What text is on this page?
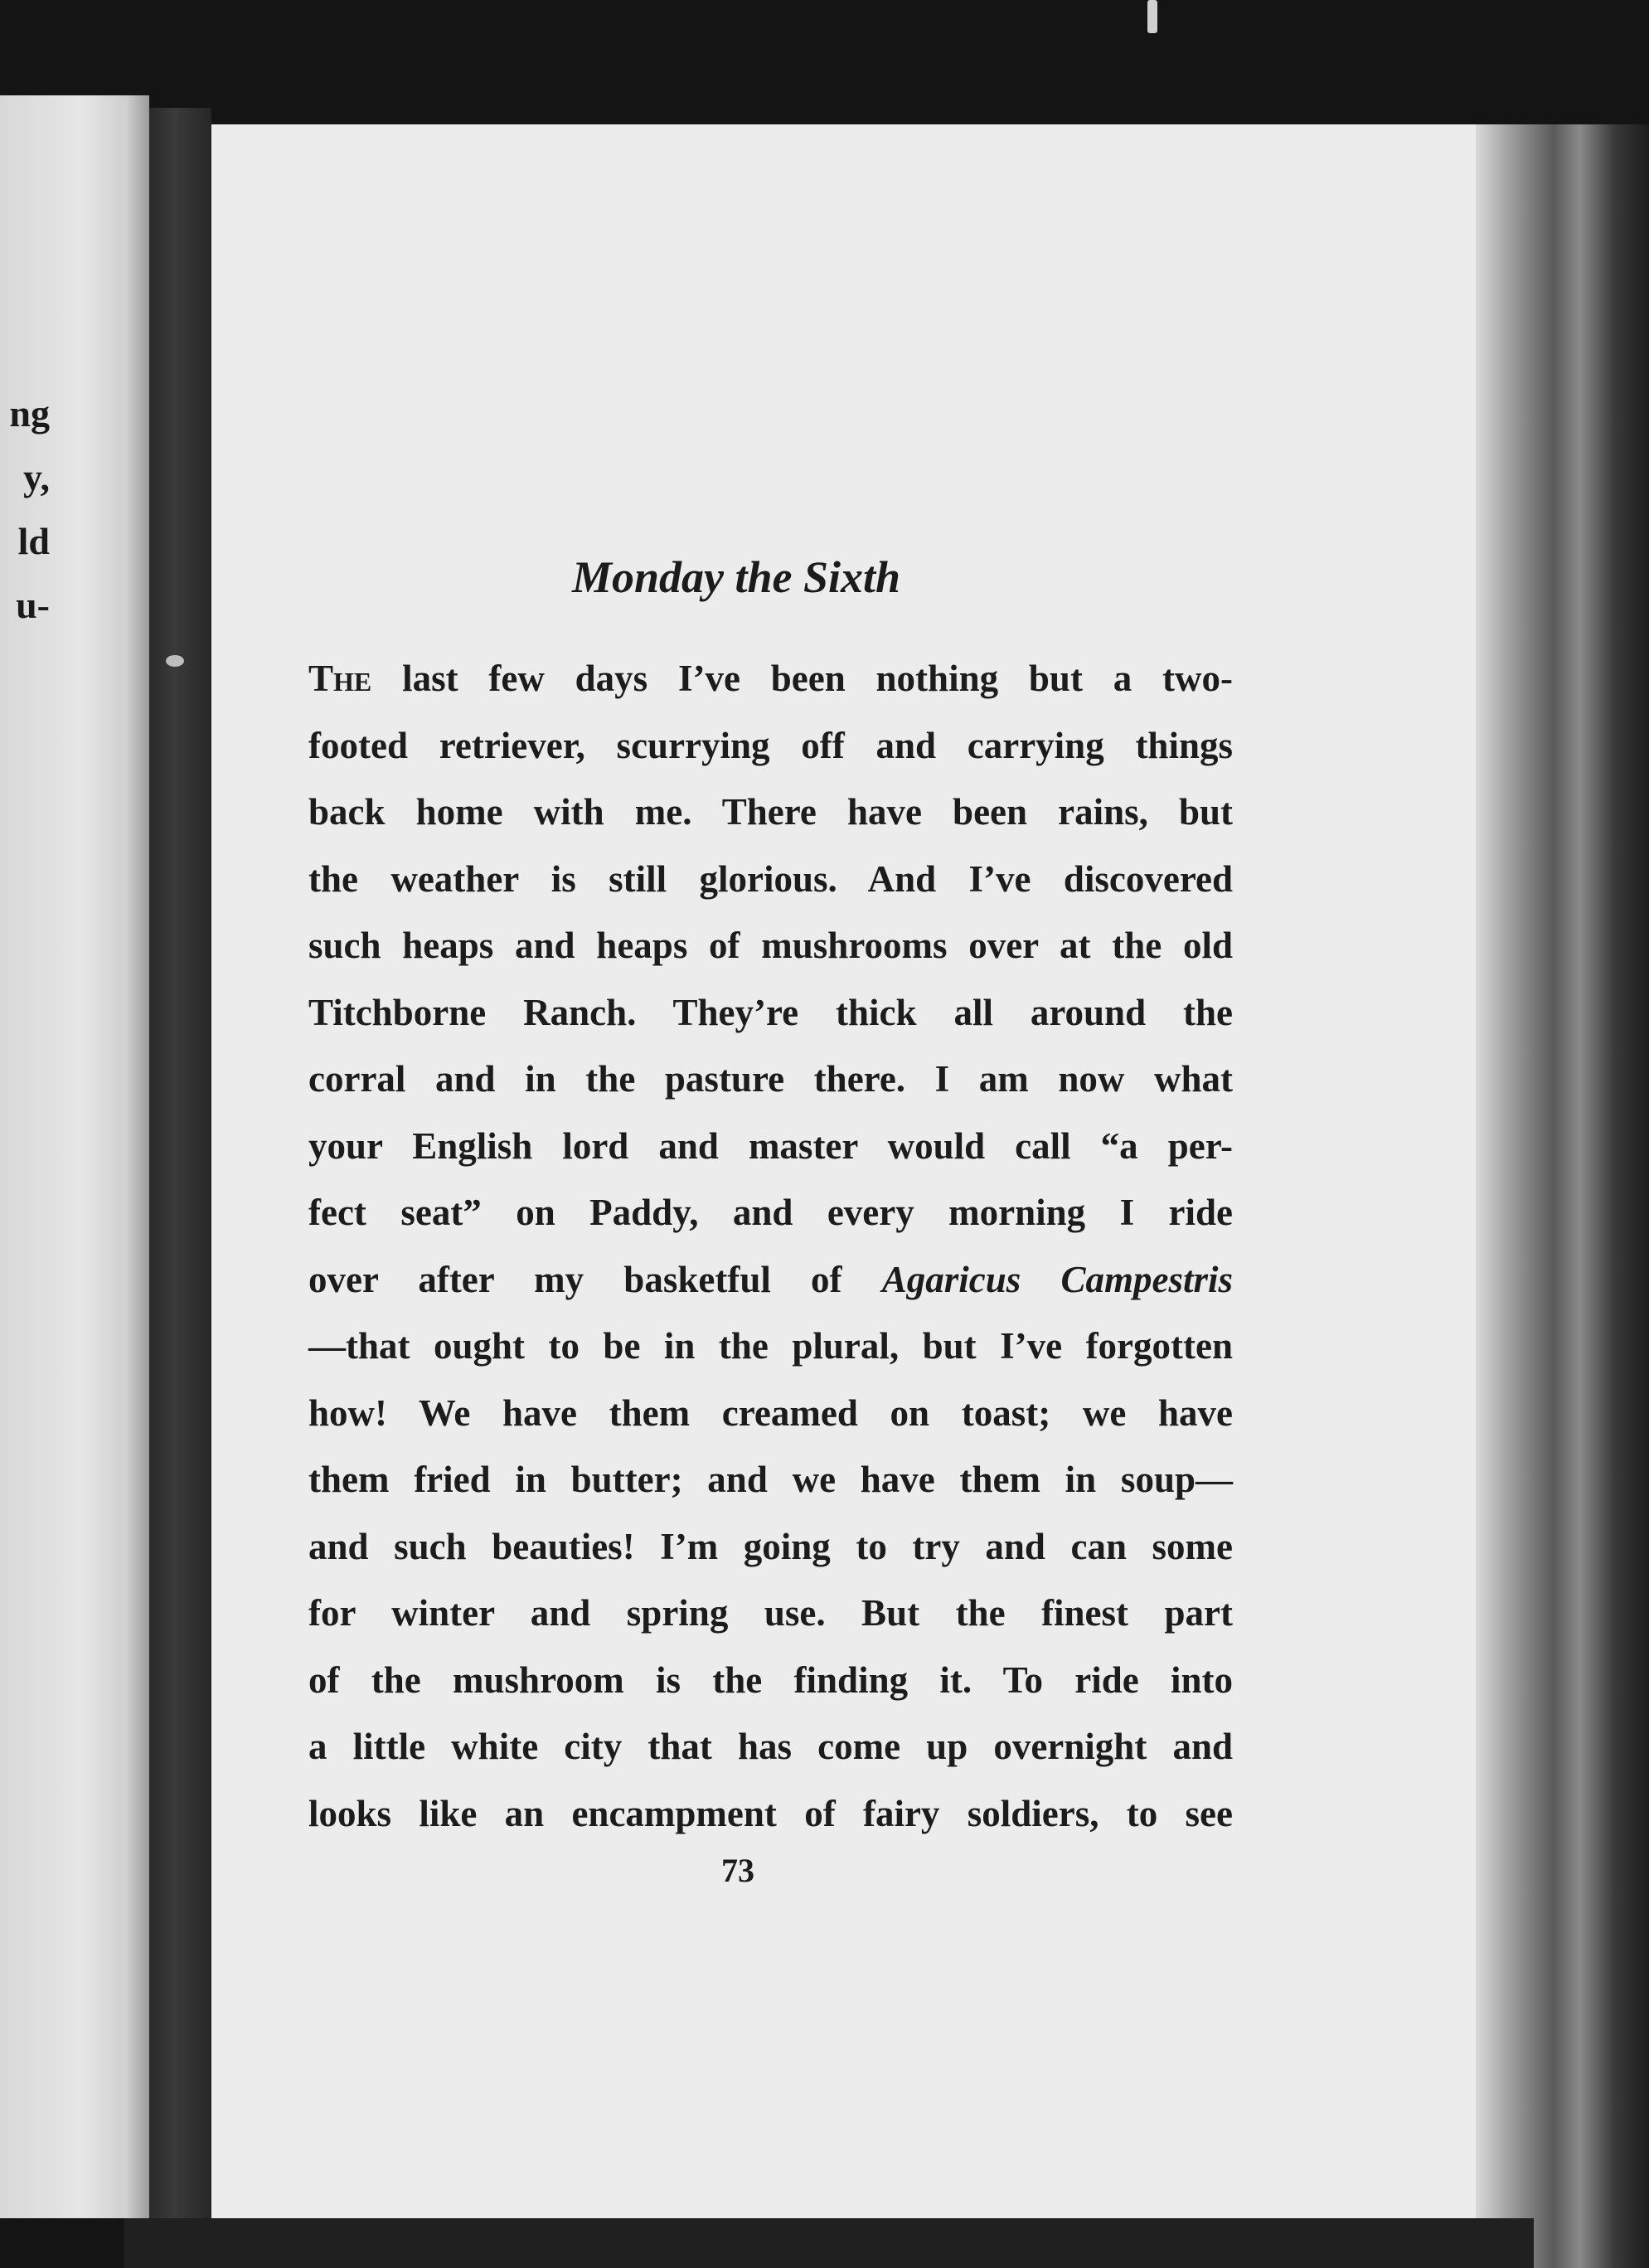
ng
y,
ld
u-
Monday the Sixth
The last few days I’ve been nothing but a two-
footed retriever, scurrying off and carrying things
back home with me. There have been rains, but
the weather is still glorious. And I’ve discovered
such heaps and heaps of mushrooms over at the old
Titchborne Ranch. They’re thick all around the
corral and in the pasture there. I am now what
your English lord and master would call “a per-
fect seat” on Paddy, and every morning I ride
over after my basketful of Agaricus Campestris
—that ought to be in the plural, but I’ve forgotten
how! We have them creamed on toast; we have
them fried in butter; and we have them in soup—
and such beauties! I’m going to try and can some
for winter and spring use. But the finest part
of the mushroom is the finding it. To ride into
a little white city that has come up overnight and
looks like an encampment of fairy soldiers, to see
73
